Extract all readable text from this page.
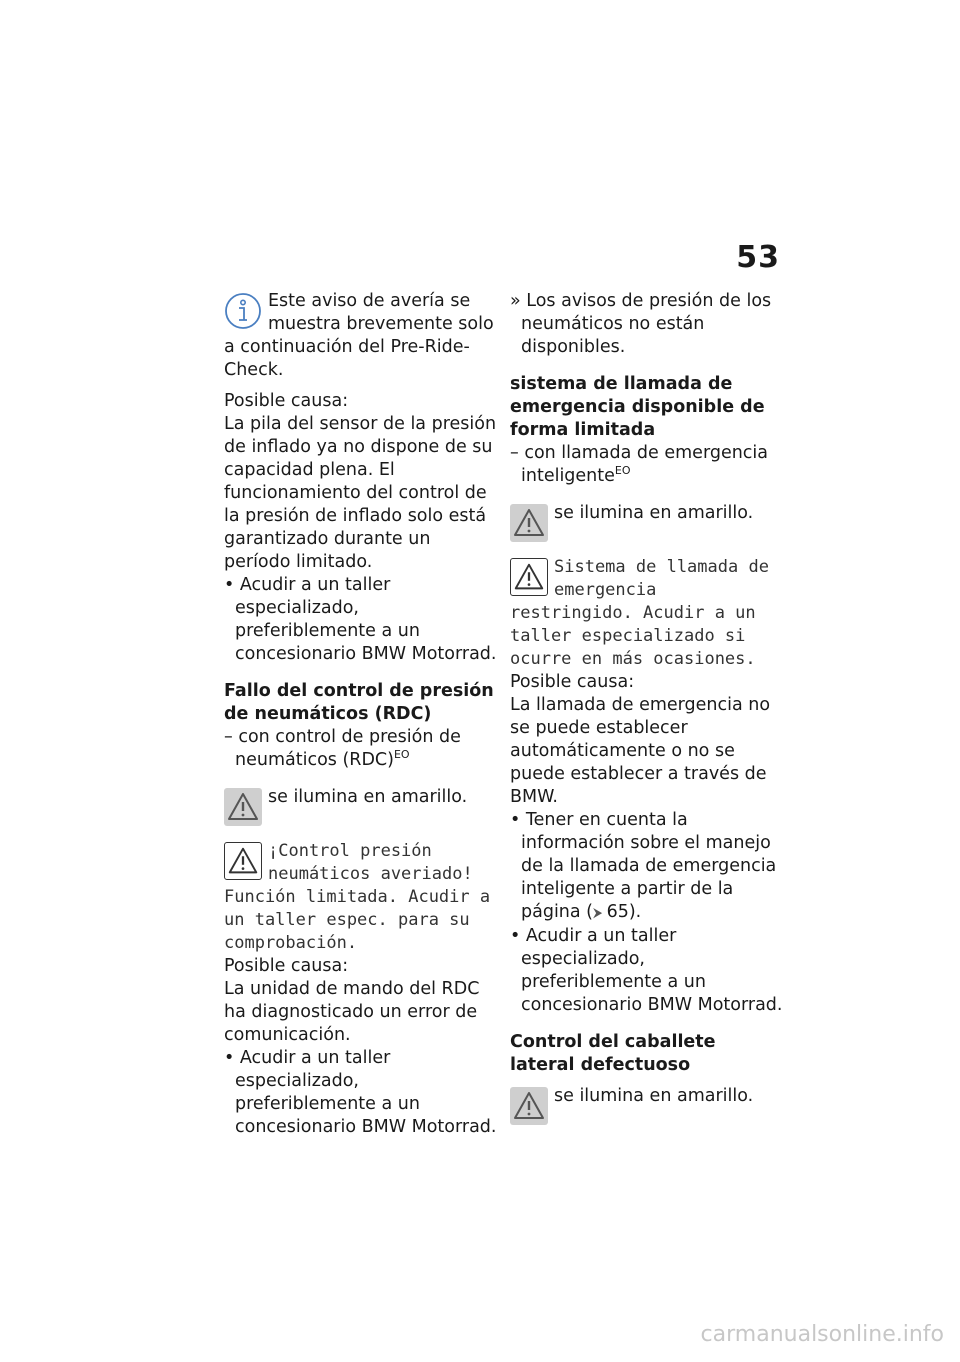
53

Este aviso de avería se muestra brevemente solo a continuación del Pre-Ride-Check.

Posible causa:

La pila del sensor de la presión de inflado ya no dispone de su capacidad plena. El funcionamiento del control de la presión de inflado solo está garantizado durante un período limitado.

• Acudir a un taller especializado, preferiblemente a un concesionario BMW Motorrad.

Fallo del control de presión de neumáticos (RDC)

– con control de presión de neumáticos (RDC)$^{EO}$

se ilumina en amarillo.

¡Control presión neumáticos averiado! Función limitada. Acudir a un taller espec. para su comprobación.

Posible causa:

La unidad de mando del RDC ha diagnosticado un error de comunicación.

• Acudir a un taller especializado, preferiblemente a un concesionario BMW Motorrad.

» Los avisos de presión de los neumáticos no están disponibles.

sistema de llamada de emergencia disponible de forma limitada

– con llamada de emergencia inteligente$^{EO}$

se ilumina en amarillo.

Sistema de llamada de emergencia restringido. Acudir a un taller especializado si ocurre en más ocasiones.

Posible causa:

La llamada de emergencia no se puede establecer automáticamente o no se puede establecer a través de BMW.

• Tener en cuenta la información sobre el manejo de la llamada de emergencia inteligente a partir de la página (⮞ 65).

• Acudir a un taller especializado, preferiblemente a un concesionario BMW Motorrad.

Control del caballete lateral defectuoso

se ilumina en amarillo.

carmanualsonline.info
